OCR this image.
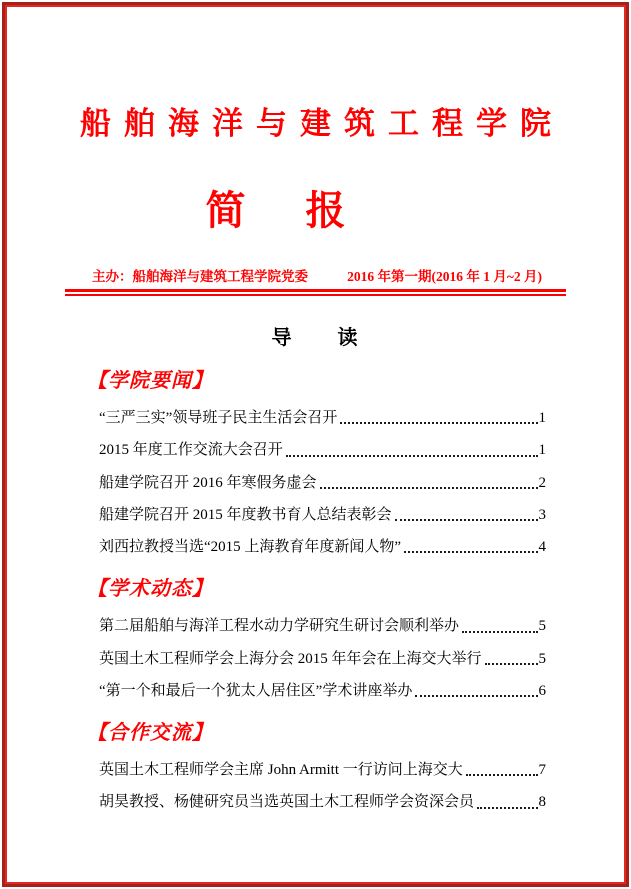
船舶海洋与建筑工程学院
简　报
主办：船舶海洋与建筑工程学院党委	2016 年第一期(2016 年 1 月~2 月)
导　　读
【学院要闻】
“三严三实”领导班子民主生活会召开	1
2015 年度工作交流大会召开	1
船建学院召开 2016 年寒假务虚会	2
船建学院召开 2015 年度教书育人总结表彰会	3
刘西拉教授当选“2015 上海教育年度新闻人物”	4
【学术动态】
第二届船舶与海洋工程水动力学研究生研讨会顺利举办	5
英国土木工程师学会上海分会 2015 年年会在上海交大举行	5
“第一个和最后一个犹太人居住区”学术讲座举办	6
【合作交流】
英国土木工程师学会主席 John Armitt 一行访问上海交大	7
胡昊教授、杨健研究员当选英国土木工程师学会资深会员	8
